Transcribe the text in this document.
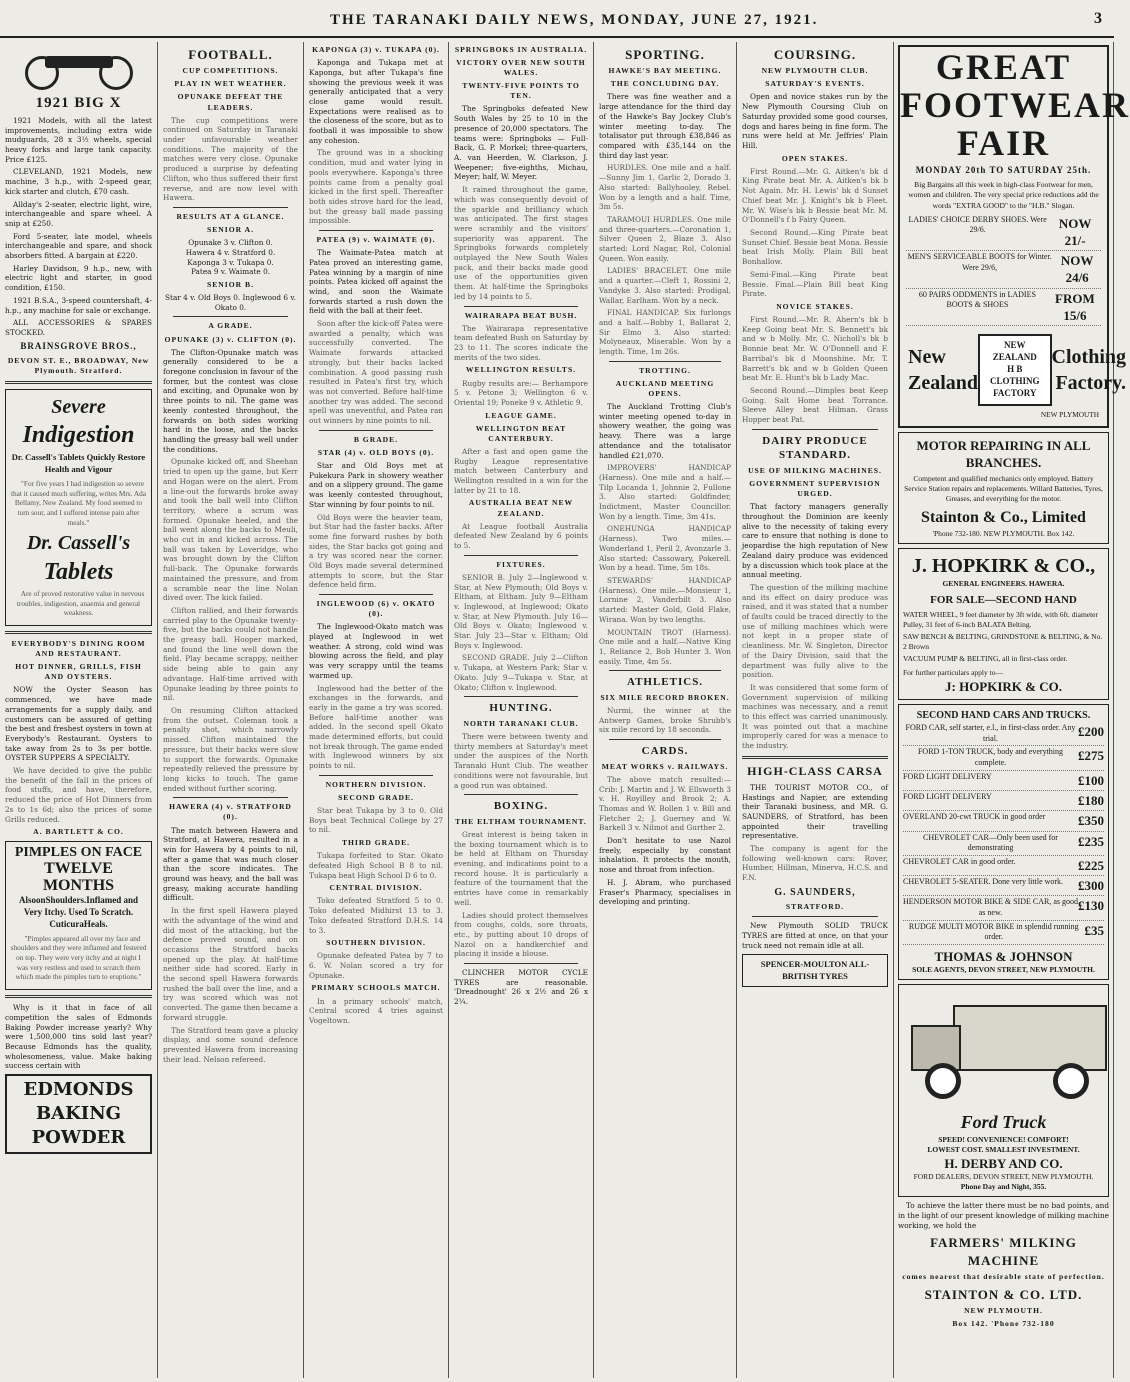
THE TARANAKI DAILY NEWS, MONDAY, JUNE 27, 1921.	3
1921 BIG X

1921 Models, with all the latest improvements, including extra wide mudguards, 28 x 3½ wheels, special heavy forks and large tank capacity. Price £125.

CLEVELAND, 1921 Models, new machine, 3 h.p., with 2-speed gear, kick starter and clutch, £70 cash.

Allday's 2-seater, electric light, wire, interchangeable and spare wheel. A snip at £250.

Ford 5-seater, late model, wheels interchangeable and spare, and shock absorbers fitted. A bargain at £220.

Harley Davidson, 9 h.p., new, with electric light and starter, in good condition, £150.

1921 B.S.A., 3-speed countershaft, 4-h.p., any machine for sale or exchange.

ALL ACCESSORIES & SPARES STOCKED.

BRAINSGROVE BROS.,
DEVON ST. E., BROADWAY, New Plymouth. Stratford.
Severe
Indigestion
Dr. Cassell's Tablets Quickly Restore Health and Vigour

"For five years I had indigestion so severe that it caused much suffering, writes Mrs. Ada Bellamy, New Zealand. My food seemed to turn sour, and I suffered intense pain after meals."

Dr. Cassell's
Tablets

Are of proved restorative value in nervous troubles, indigestion, anaemia and general weakness.

EVERYBODY'S DINING ROOM AND RESTAURANT.
HOT DINNER, GRILLS, FISH AND OYSTERS.

NOW the Oyster Season has commenced, we have made arrangements for a supply daily, and customers can be assured of getting the best and freshest oysters in town at Everybody's Restaurant. Oysters to take away from 2s to 3s per bottle. OYSTER SUPPERS A SPECIALTY.

We have decided to give the public the benefit of the fall in the prices of food stuffs, and have, therefore, reduced the price of Hot Dinners from 2s to 1s 6d; also the prices of some Grills reduced.

A. BARTLETT & CO.
PIMPLES ON FACE
TWELVE MONTHS
AlsoonShoulders.Inflamed and Very Itchy. Used To Scratch. CuticuraHeals.

"Pimples appeared all over my face and shoulders and they were inflamed and festered on top. They were very itchy and at night I was very restless and used to scratch them which made the pimples turn to eruptions."

Why is it that in face of all competition the sales of Edmonds Baking Powder increase yearly? Why were 1,500,000 tins sold last year? Because Edmonds has the quality, wholesomeness, value. Make baking success certain with

EDMONDS BAKING POWDER
FOOTBALL.
CUP COMPETITIONS.
PLAY IN WET WEATHER.
OPUNAKE DEFEAT THE LEADERS.

The cup competitions were continued on Saturday in Taranaki under unfavourable weather conditions. The majority of the matches were very close. Opunake produced a surprise by defeating Clifton, who thus suffered their first reverse, and are now level with Hawera.

RESULTS AT A GLANCE.
SENIOR A.
Opunake 3 v. Clifton 0.
Hawera 4 v. Stratford 0.
Kaponga 3 v. Tukapa 0.
Patea 9 v. Waimate 0.
SENIOR B.
Star 4 v. Old Boys 0. Inglewood 6 v. Okato 0.
A GRADE.
OPUNAKE (3) v. CLIFTON (0).

The Clifton-Opunake match was generally considered to be a foregone conclusion in favour of the former, but the contest was close and exciting, and Opunake won by three points to nil. The game was keenly contested throughout, the forwards on both sides working hard in the loose, and the backs handling the greasy ball well under the conditions.

Opunake kicked off, and Sheehan tried to open up the game, but Kerr and Hogan were on the alert. From a line-out the forwards broke away and took the ball well into Clifton territory, where a scrum was formed. Opunake heeled, and the ball went along the backs to Meuli, who cut in and kicked across. The ball was taken by Loveridge, who was brought down by the Clifton full-back. The Opunake forwards maintained the pressure, and from a scramble near the line Nolan dived over. The kick failed.

Clifton rallied, and their forwards carried play to the Opunake twenty-five, but the backs could not handle the greasy ball. Hooper marked, and found the line well down the field. Play became scrappy, neither side being able to gain any advantage. Half-time arrived with Opunake leading by three points to nil.

On resuming Clifton attacked from the outset. Coleman took a penalty shot, which narrowly missed. Clifton maintained the pressure, but their backs were slow to support the forwards. Opunake repeatedly relieved the pressure by long kicks to touch. The game ended without further scoring.

HAWERA (4) v. STRATFORD (0).

The match between Hawera and Stratford, at Hawera, resulted in a win for Hawera by 4 points to nil, after a game that was much closer than the score indicates. The ground was heavy, and the ball was greasy, making accurate handling difficult.

In the first spell Hawera played with the advantage of the wind and did most of the attacking, but the defence proved sound, and on occasions the Stratford backs opened up the play. At half-time neither side had scored. Early in the second spell Hawera forwards rushed the ball over the line, and a try was scored which was not converted. The game then became a forward struggle.

The Stratford team gave a plucky display, and some sound defence prevented Hawera from increasing their lead. Nelson refereed.

KAPONGA (3) v. TUKAPA (0).

Kaponga and Tukapa met at Kaponga, but after Tukapa's fine showing the previous week it was generally anticipated that a very close game would result. Expectations were realised as to the closeness of the score, but as to football it was impossible to show any cohesion.

The ground was in a shocking condition, mud and water lying in pools everywhere. Kaponga's three points came from a penalty goal kicked in the first spell. Thereafter both sides strove hard for the lead, but the greasy ball made passing impossible.

PATEA (9) v. WAIMATE (0).

The Waimate-Patea match at Patea proved an interesting game, Patea winning by a margin of nine points. Patea kicked off against the wind, and soon the Waimate forwards started a rush down the field with the ball at their feet.

Soon after the kick-off Patea were awarded a penalty, which was successfully converted. The Waimate forwards attacked strongly, but their backs lacked combination. A good passing rush resulted in Patea's first try, which was not converted. Before half-time another try was added. The second spell was uneventful, and Patea ran out winners by nine points to nil.

B GRADE.
STAR (4) v. OLD BOYS (0).

Star and Old Boys met at Pukekura Park in showery weather and on a slippery ground. The game was keenly contested throughout, Star winning by four points to nil.

Old Boys were the heavier team, but Star had the faster backs. After some fine forward rushes by both sides, the Star backs got going and a try was scored near the corner. Old Boys made several determined attempts to score, but the Star defence held firm.

INGLEWOOD (6) v. OKATO (0).

The Inglewood-Okato match was played at Inglewood in wet weather. A strong, cold wind was blowing across the field, and play was very scrappy until the teams warmed up.

Inglewood had the better of the exchanges in the forwards, and early in the game a try was scored. Before half-time another was added. In the second spell Okato made determined efforts, but could not break through. The game ended with Inglewood winners by six points to nil.

NORTHERN DIVISION.
SECOND GRADE.

Star beat Tukapa by 3 to 0. Old Boys beat Technical College by 27 to nil.

THIRD GRADE.

Tukapa forfeited to Star. Okato defeated High School B 8 to nil. Tukapa beat High School D 6 to 0.

CENTRAL DIVISION.

Toko defeated Stratford 5 to 0. Toko defeated Midhirst 13 to 3. Toko defeated Stratford D.H.S. 14 to 3.

SOUTHERN DIVISION.

Opunake defeated Patea by 7 to 6. W. Nolan scored a try for Opunake.

PRIMARY SCHOOLS MATCH.

In a primary schools' match, Central scored 4 tries against Vogeltown.

SPRINGBOKS IN AUSTRALIA.
VICTORY OVER NEW SOUTH WALES.
TWENTY-FIVE POINTS TO TEN.

The Springboks defeated New South Wales by 25 to 10 in the presence of 20,000 spectators. The teams were: Springboks — Full-Back, G. P. Morkel; three-quarters, A. van Heerden, W. Clarkson, J. Weepener; five-eighths, Michau, Meyer; half, W. Meyer.

It rained throughout the game, which was consequently devoid of the sparkle and brilliancy which was anticipated. The first stages were scrambly and the visitors' superiority was apparent. The Springboks forwards completely outplayed the New South Wales pack, and their backs made good use of the opportunities given them. At half-time the Springboks led by 14 points to 5.

WAIRARAPA BEAT BUSH.

The Wairarapa representative team defeated Bush on Saturday by 23 to 11. The scores indicate the merits of the two sides.

WELLINGTON RESULTS.

Rugby results are:— Berhampore 5 v. Petone 3; Wellington 6 v. Oriental 19; Poneke 9 v. Athletic 9.

LEAGUE GAME.
WELLINGTON BEAT CANTERBURY.

After a fast and open game the Rugby League representative match between Canterbury and Wellington resulted in a win for the latter by 21 to 18.

AUSTRALIA BEAT NEW ZEALAND.

At League football Australia defeated New Zealand by 6 points to 5.

FIXTURES.

SENIOR B. July 2—Inglewood v. Star, at New Plymouth; Old Boys v. Eltham, at Eltham. July 9—Eltham v. Inglewood, at Inglewood; Okato v. Star, at New Plymouth. July 16—Old Boys v. Okato; Inglewood v. Star. July 23—Star v. Eltham; Old Boys v. Inglewood.

SECOND GRADE. July 2—Clifton v. Tukapa, at Western Park; Star v. Okato. July 9—Tukapa v. Star, at Okato; Clifton v. Inglewood.

HUNTING.
NORTH TARANAKI CLUB.

There were between twenty and thirty members at Saturday's meet under the auspices of the North Taranaki Hunt Club. The weather conditions were not favourable, but a good run was obtained.

BOXING.
THE ELTHAM TOURNAMENT.

Great interest is being taken in the boxing tournament which is to be held at Eltham on Thursday evening, and indications point to a record house. It is particularly a feature of the tournament that the entries have come in remarkably well.

Ladies should protect themselves from coughs, colds, sore throats, etc., by putting about 10 drops of Nazol on a handkerchief and placing it inside a blouse.

CLINCHER MOTOR CYCLE TYRES are reasonable. 'Dreadnought' 26 x 2½ and 26 x 2¼.

SPORTING.
HAWKE'S BAY MEETING.
THE CONCLUDING DAY.

There was fine weather and a large attendance for the third day of the Hawke's Bay Jockey Club's winter meeting to-day. The totalisator put through £38,846 as compared with £35,144 on the third day last year.

HURDLES. One mile and a half.—Sunny Jim 1, Garlic 2, Dorado 3. Also started: Ballyhooley, Rebel. Won by a length and a half. Time, 3m 5s.

TARAMOUI HURDLES. One mile and three-quarters.—Coronation 1, Silver Queen 2, Blaze 3. Also started: Lord Nagar, Rol, Colonial Queen. Won easily.

LADIES' BRACELET. One mile and a quarter.—Cleft 1, Rossini 2, Vandyke 3. Also started: Prodigal, Wallar, Earlham. Won by a neck.

FINAL HANDICAP. Six furlongs and a half.—Bobby 1, Ballarat 2, Sir Elmo 3. Also started: Molyneaux, Miserable. Won by a length. Time, 1m 26s.

TROTTING.
AUCKLAND MEETING OPENS.

The Auckland Trotting Club's winter meeting opened to-day in showery weather, the going was heavy. There was a large attendance and the totalisator handled £21,070.

IMPROVERS' HANDICAP (Harness). One mile and a half.—Tilp Locanda 1, Johnnie 2, Fullone 3. Also started: Goldfinder, Indictment, Master Councillor. Won by a length. Time, 3m 41s.

ONEHUNGA HANDICAP (Harness). Two miles.—Wonderland 1, Peril 2, Avonzarle 3. Also started: Cassowary, Pokerell. Won by a head. Time, 5m 18s.

STEWARDS' HANDICAP (Harness). One mile.—Monsieur 1, Lornine 2, Vanderbilt 3. Also started: Master Gold, Gold Flake, Wirana. Won by two lengths.

MOUNTAIN TROT (Harness). One mile and a half.—Native King 1, Reliance 2, Bob Hunter 3. Won easily. Time, 4m 5s.

ATHLETICS.
SIX MILE RECORD BROKEN.

Nurmi, the winner at the Antwerp Games, broke Shrubb's six mile record by 18 seconds.

CARDS.
MEAT WORKS v. RAILWAYS.

The above match resulted:—Crib: J. Martin and J. W. Ellsworth 3 v. H. Royilley and Brook 2; A. Thomas and W. Bollen 1 v. Bill and Fletcher 2; J. Guerney and W. Barkell 3 v. Nilmot and Gurther 2.

Don't hesitate to use Nazol freely, especially by constant inhalation. It protects the mouth, nose and throat from infection.

H. J. Abram, who purchased Fraser's Pharmacy, specialises in developing and printing.

COURSING.
NEW PLYMOUTH CLUB.
SATURDAY'S EVENTS.

Open and novice stakes run by the New Plymouth Coursing Club on Saturday provided some good courses, dogs and hares being in fine form. The runs were held at Mr. Jeffries' Plain Hill.

OPEN STAKES.

First Round.—Mr. G. Aitken's bk d King Pirate beat Mr. A. Aitken's bk b Not Again. Mr. H. Lewis' bk d Sunset Chief beat Mr. J. Knight's bk b Fleet. Mr. W. Wise's bk b Bessie beat Mr. M. O'Donnell's f b Fairy Queen.

Second Round.—King Pirate beat Sunset Chief. Bessie beat Mona. Bessie beat Irish Molly. Plain Bill beat Bonhallow.

Semi-Final.—King Pirate beat Bessie. Final.—Plain Bill beat King Pirate.

NOVICE STAKES.

First Round.—Mr. R. Ahern's bk b Keep Going beat Mr. S. Bennett's bk and w b Molly. Mr. C. Nicholl's bk b Bonnie beat Mr. W. O'Donnell and F. Barribal's bk d Moonshine. Mr. T. Barrett's bk and w b Golden Queen beat Mr. E. Hunt's bk b Lady Mac.

Second Round.—Dimples beat Keep Going. Salt Home beat Torrance. Sleeve Alley beat Hilman. Grass Hopper beat Pat.

DAIRY PRODUCE STANDARD.
USE OF MILKING MACHINES.
GOVERNMENT SUPERVISION URGED.

That factory managers generally throughout the Dominion are keenly alive to the necessity of taking every care to ensure that nothing is done to jeopardise the high reputation of New Zealand dairy produce was evidenced by a discussion which took place at the annual meeting.

The question of the milking machine and its effect on dairy produce was raised, and it was stated that a number of faults could be traced directly to the use of milking machines which were not kept in a proper state of cleanliness. Mr. W. Singleton, Director of the Dairy Division, said that the department was fully alive to the position.

It was considered that some form of Government supervision of milking machines was necessary, and a remit to this effect was carried unanimously. It was pointed out that a machine improperly cared for was a menace to the industry.

HIGH-CLASS CARSA

THE TOURIST MOTOR CO., of Hastings and Napier, are extending their Taranaki business, and MR. G. SAUNDERS, of Stratford, has been appointed their travelling representative.

The company is agent for the following well-known cars: Rover, Humber, Hillman, Minerva, H.C.S. and F.N.

G. SAUNDERS,
STRATFORD.

New Plymouth SOLID TRUCK TYRES are fitted at once, on that your truck need not remain idle at all.

SPENCER-MOULTON ALL-BRITISH TYRES
GREAT FOOTWEAR FAIR
MONDAY 20th TO SATURDAY 25th.

Big Bargains all this week in high-class Footwear for men, women and children. The very special price reductions add the words "EXTRA GOOD" to the "H.B." Slogan.

LADIES' CHOICE DERBY SHOES. Were 29/6.	NOW 21/-
MEN'S SERVICEABLE BOOTS for Winter. Were 29/6,	NOW 24/6
60 PAIRS ODDMENTS in LADIES BOOTS & SHOES	FROM 15/6
New
Zealand
NEW ZEALAND H B CLOTHING FACTORY
Clothing
Factory.
NEW PLYMOUTH
MOTOR REPAIRING IN ALL BRANCHES.
Competent and qualified mechanics only employed. Battery Service Station repairs and replacements. Willard Batteries, Tyres, Greases, and everything for the motor.
Stainton & Co., Limited
'Phone 732-180. NEW PLYMOUTH. Box 142.
J. HOPKIRK & CO.,
GENERAL ENGINEERS. HAWERA.
FOR SALE—SECOND HAND
WATER WHEEL, 9 feet diameter by 3ft wide, with 6ft. diameter Pulley, 31 feet of 6-inch BALATA Belting.
SAW BENCH & BELTING, GRINDSTONE & BELTING, & No. 2 Brown
VACUUM PUMP & BELTING, all in first-class order.
For further particulars apply to—
J: HOPKIRK & CO.
SECOND HAND CARS AND TRUCKS.
FORD CAR, self starter, e.l., in first-class order. Any trial.	£200
FORD 1-TON TRUCK, body and everything complete.	£275
FORD LIGHT DELIVERY	£100
FORD LIGHT DELIVERY	£180
OVERLAND 20-cwt TRUCK in good order	£350
CHEVROLET CAR—Only been used for demonstrating	£235
CHEVROLET CAR in good order.	£225
CHEVROLET 5-SEATER. Done very little work. £300
HENDERSON MOTOR BIKE & SIDE CAR, as good as new.	£130
RUDGE MULTI MOTOR BIKE in splendid running order.	£35
THOMAS & JOHNSON
SOLE AGENTS, DEVON STREET, NEW PLYMOUTH.
Ford Truck
SPEED! CONVENIENCE! COMFORT!
LOWEST COST. SMALLEST INVESTMENT.
H. DERBY AND CO.
FORD DEALERS, DEVON STREET, NEW PLYMOUTH.
Phone Day and Night, 355.

To achieve the latter there must be no bad points, and in the light of our present knowledge of milking machine working, we hold the

FARMERS' MILKING MACHINE
comes nearest that desirable state of perfection.
STAINTON & CO. LTD.
NEW PLYMOUTH.
Box 142. 'Phone 732-180
